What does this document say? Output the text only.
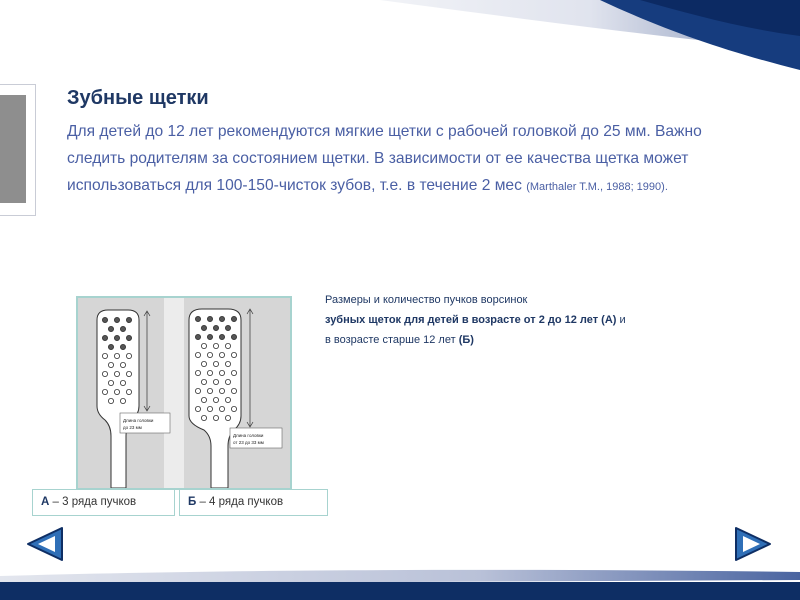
Зубные щетки

Для детей до 12 лет рекомендуются мягкие щетки с рабочей головкой до 25 мм. Важно следить родителям за состоянием щетки. В зависимости от ее качества щетка может использоваться для 100-150-чисток зубов, т.е. в течение 2 мес (Marthaler T.M., 1988; 1990).

Длина головки
до 23 мм
Длина головки
от 23 до 33 мм
А – 3 ряда пучков	Б – 4 ряда пучков
Размеры и количество пучков ворсинок
зубных щеток для детей в возрасте от 2 до 12 лет (А) и
в возрасте старше 12 лет (Б)
